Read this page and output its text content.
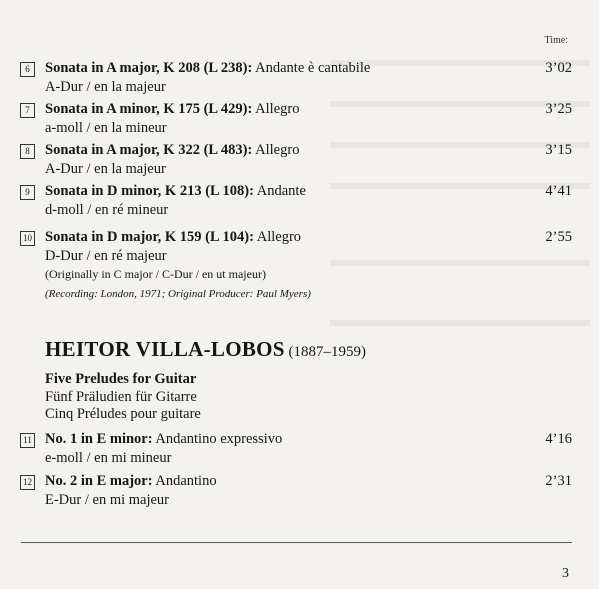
Time:
6	Sonata in A major, K 208 (L 238): Andante è cantabile
A-Dur / en la majeur
3’02
7	Sonata in A minor, K 175 (L 429): Allegro
a-moll / en la mineur
3’25
8	Sonata in A major, K 322 (L 483): Allegro
A-Dur / en la majeur
3’15
9	Sonata in D minor, K 213 (L 108): Andante
d-moll / en ré mineur
4’41
10 Sonata in D major, K 159 (L 104): Allegro
D-Dur / en ré majeur
(Originally in C major / C-Dur / en ut majeur)
2’55
(Recording: London, 1971; Original Producer: Paul Myers)
HEITOR VILLA-LOBOS (1887–1959)
Five Preludes for Guitar
Fünf Präludien für Gitarre
Cinq Préludes pour guitare
11 No. 1 in E minor: Andantino expressivo
e-moll / en mi mineur
4’16
12 No. 2 in E major: Andantino
E-Dur / en mi majeur
2’31
3
